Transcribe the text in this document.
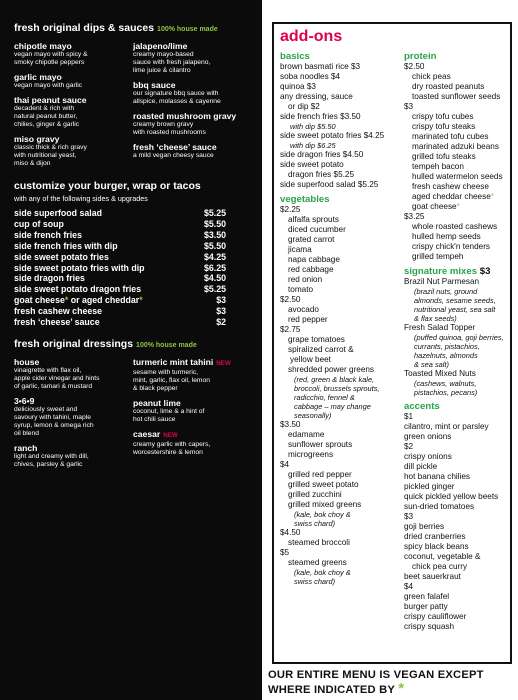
fresh original dips & sauces 100% house made
chipotle mayo
vegan mayo with spicy &
smoky chipotle peppers
garlic mayo
vegan mayo with garlic
thai peanut sauce
decadent & rich with
natural peanut butter,
chilies, ginger & garlic
miso gravy
classic thick & rich gravy
with nutritional yeast,
miso & dijon
jalapeno/lime
creamy mayo-based
sauce with fresh jalapeno,
lime juice & cilantro
bbq sauce
our signature bbq sauce with
allspice, molasses & cayenne
roasted mushroom gravy
creamy brown gravy
with roasted mushrooms
fresh ‘cheese’ sauce
a mild vegan cheesy sauce
customize your burger, wrap or tacos
with any of the following sides & upgrades
side superfood salad	$5.25
cup of soup	$5.50
side french fries	$3.50
side french fries with dip	$5.50
side sweet potato fries	$4.25
side sweet potato fries with dip	$6.25
side dragon fries	$4.50
side sweet potato dragon fries	$5.25
goat cheese* or aged cheddar*	$3
fresh cashew cheese	$3
fresh ‘cheese’ sauce	$2
fresh original dressings 100% house made
house
vinaigrette with flax oil,
apple cider vinegar and hints
of garlic, tamari & mustard
3•6•9
deliciously sweet and
savoury with tahini, maple
syrup, lemon & omega rich
oil blend
ranch
light and creamy with dill,
chives, parsley & garlic
turmeric mint tahini NEW
sesame with turmeric,
mint, garlic, flax oil, lemon
& black pepper
peanut lime
coconut, lime & a hint of
hot chili sauce
caesar NEW
creamy garlic with capers,
worcestershire & lemon
add-ons
basics
brown basmati rice $3
soba noodles $4
quinoa $3
any dressing, sauce
or dip $2
side french fries $3.50
with dip $5.50
side sweet potato fries $4.25
with dip $6.25
side dragon fries $4.50
side sweet potato
dragon fries $5.25
side superfood salad $5.25
vegetables
$2.25
alfalfa sprouts
diced cucumber
grated carrot
jicama
napa cabbage
red cabbage
red onion
tomato
$2.50
avocado
red pepper
$2.75
grape tomatoes
spiralized carrot &
yellow beet
shredded power greens
(red, green & black kale,
broccoli, brussels sprouts,
radicchio, fennel &
cabbage – may change
seasonally)
$3.50
edamame
sunflower sprouts
microgreens
$4
grilled red pepper
grilled sweet potato
grilled zucchini
grilled mixed greens
(kale, bok choy &
swiss chard)
$4.50
steamed broccoli
$5
steamed greens
(kale, bok choy &
swiss chard)
protein
$2.50
chick peas
dry roasted peanuts
toasted sunflower seeds
$3
crispy tofu cubes
crispy tofu steaks
marinated tofu cubes
marinated adzuki beans
grilled tofu steaks
tempeh bacon
hulled watermelon seeds
fresh cashew cheese
aged cheddar cheese*
goat cheese*
$3.25
whole roasted cashews
hulled hemp seeds
crispy chick'n tenders
grilled tempeh
signature mixes $3
Brazil Nut Parmesan
(brazil nuts, ground
almonds, sesame seeds,
nutritional yeast, sea salt
& flax seeds)
Fresh Salad Topper
(puffed quinoa, goji berries,
currants, pistachios,
hazelnuts, almonds
& sea salt)
Toasted Mixed Nuts
(cashews, walnuts,
pistachios, pecans)
accents
$1
cilantro, mint or parsley
green onions
$2
crispy onions
dill pickle
hot banana chilies
pickled ginger
quick pickled yellow beets
sun-dried tomatoes
$3
goji berries
dried cranberries
spicy black beans
coconut, vegetable &
chick pea curry
beet sauerkraut
$4
green falafel
burger patty
crispy cauliflower
crispy squash
OUR ENTIRE MENU IS VEGAN EXCEPT
WHERE INDICATED BY *
